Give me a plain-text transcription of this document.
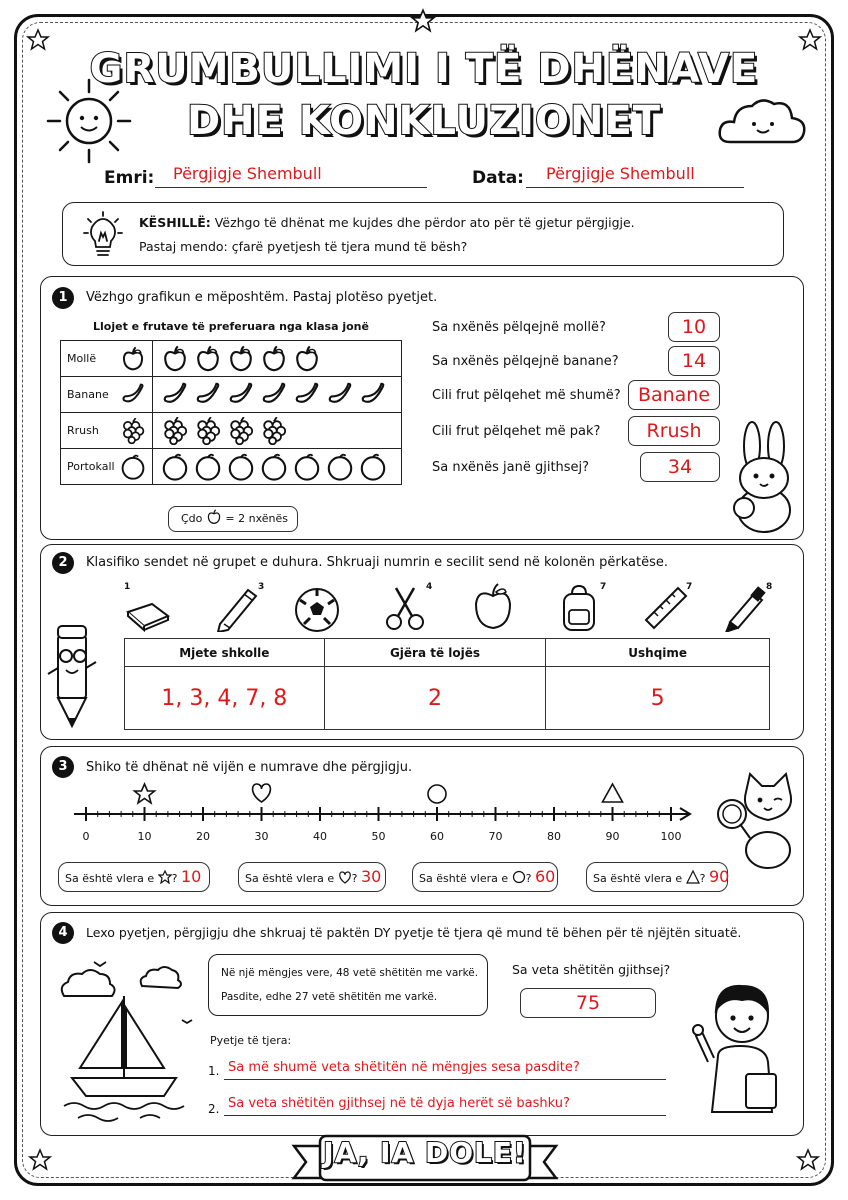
GRUMBULLIMI I TË DHËNAVE
DHE KONKLUZIONET
Emri: Përgjigje Shembull	Data: Përgjigje Shembull
KËSHILLË: Vëzhgo të dhënat me kujdes dhe përdor ato për të gjetur përgjigje.
Pastaj mendo: çfarë pyetjesh të tjera mund të bësh?
1	Vëzhgo grafikun e mëposhtëm. Pastaj plotëso pyetjet.
Llojet e frutave të preferuara nga klasa jonë
Mollë

Banane

Rrush

Portokall

Çdo = 2 nxënës
Sa nxënës pëlqejnë mollë?	10
Sa nxënës pëlqejnë banane?	14
Cili frut pëlqehet më shumë? Banane
Cili frut pëlqehet më pak?	Rrush
Sa nxënës janë gjithsej?	34
2	Klasifiko sendet në grupet e duhura. Shkruaji numrin e secilit send në kolonën përkatëse.
1	3	4	7	7	8
Mjete shkolle	Gjëra të lojës	Ushqime
1, 3, 4, 7, 8	2	5
3	Shiko të dhënat në vijën e numrave dhe përgjigju.
0	10	20	30	40	50	60	70	80	90	100
Sa është vlera e ? 10	Sa është vlera e ? 30	Sa është vlera e ? 60	Sa është vlera e ? 90
4	Lexo pyetjen, përgjigju dhe shkruaj të paktën DY pyetje të tjera që mund të bëhen për të njëjtën situatë.
Në një mëngjes vere, 48 vetë shëtitën me varkë.
Pasdite, edhe 27 vetë shëtitën me varkë.
Sa veta shëtitën gjithsej?
75
Pyetje të tjera:
1. Sa më shumë veta shëtitën në mëngjes sesa pasdite?
2. Sa veta shëtitën gjithsej në të dyja herët së bashku?
JA, IA DOLE!
